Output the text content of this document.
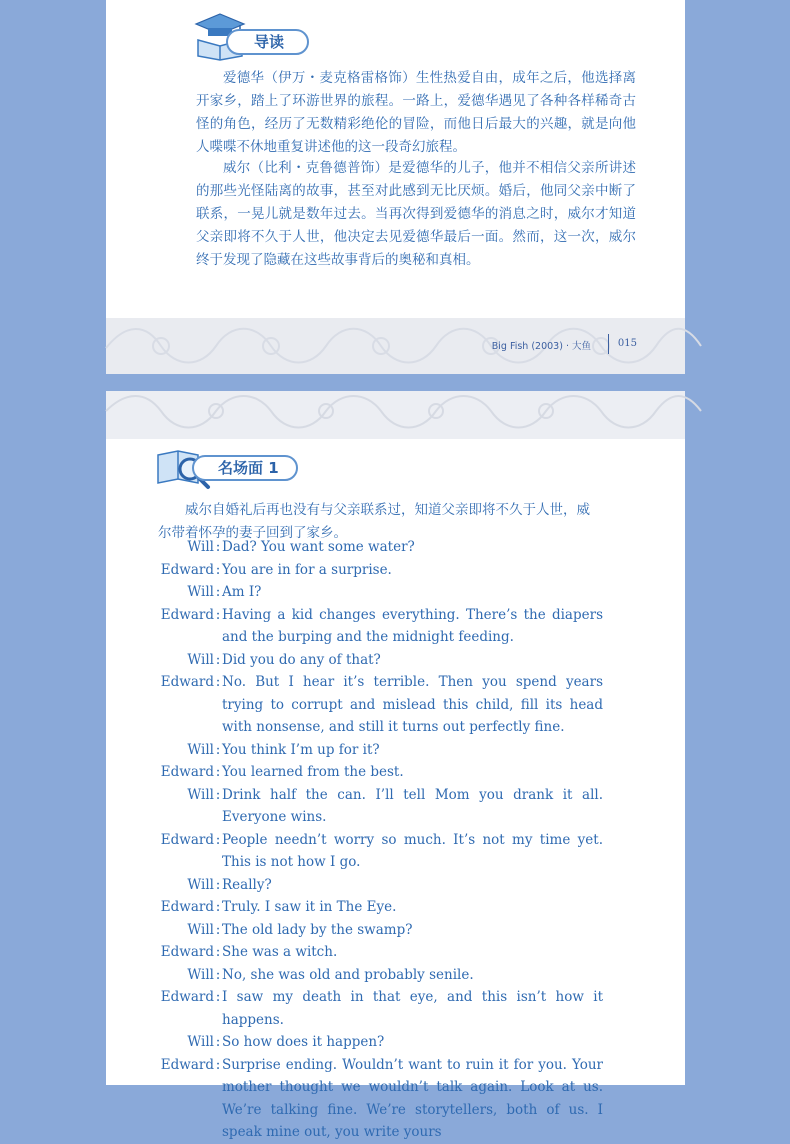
导读

爱德华（伊万・麦克格雷格饰）生性热爱自由，成年之后，他选择离开家乡，踏上了环游世界的旅程。一路上，爱德华遇见了各种各样稀奇古怪的角色，经历了无数精彩绝伦的冒险，而他日后最大的兴趣，就是向他人喋喋不休地重复讲述他的这一段奇幻旅程。

威尔（比利・克鲁德普饰）是爱德华的儿子，他并不相信父亲所讲述的那些光怪陆离的故事，甚至对此感到无比厌烦。婚后，他同父亲中断了联系，一晃儿就是数年过去。当再次得到爱德华的消息之时，威尔才知道父亲即将不久于人世，他决定去见爱德华最后一面。然而，这一次，威尔终于发现了隐藏在这些故事背后的奥秘和真相。

Big Fish (2003) · 大鱼	015
名场面 1

威尔自婚礼后再也没有与父亲联系过，知道父亲即将不久于人世，威尔带着怀孕的妻子回到了家乡。

Will : Dad? You want some water?
Edward : You are in for a surprise.
Will : Am I?
Edward : Having a kid changes everything. There’s the diapers and the burping and the midnight feeding.
Will : Did you do any of that?
Edward : No. But I hear it’s terrible. Then you spend years trying to corrupt and mislead this child, fill its head with nonsense, and still it turns out perfectly fine.
Will : You think I’m up for it?
Edward : You learned from the best.
Will : Drink half the can. I’ll tell Mom you drank it all. Everyone wins.
Edward : People needn’t worry so much. It’s not my time yet. This is not how I go.
Will : Really?
Edward : Truly. I saw it in The Eye.
Will : The old lady by the swamp?
Edward : She was a witch.
Will : No, she was old and probably senile.
Edward : I saw my death in that eye, and this isn’t how it happens.
Will : So how does it happen?
Edward : Surprise ending. Wouldn’t want to ruin it for you. Your mother thought we wouldn’t talk again. Look at us. We’re talking fine. We’re storytellers, both of us. I speak mine out, you write yours
